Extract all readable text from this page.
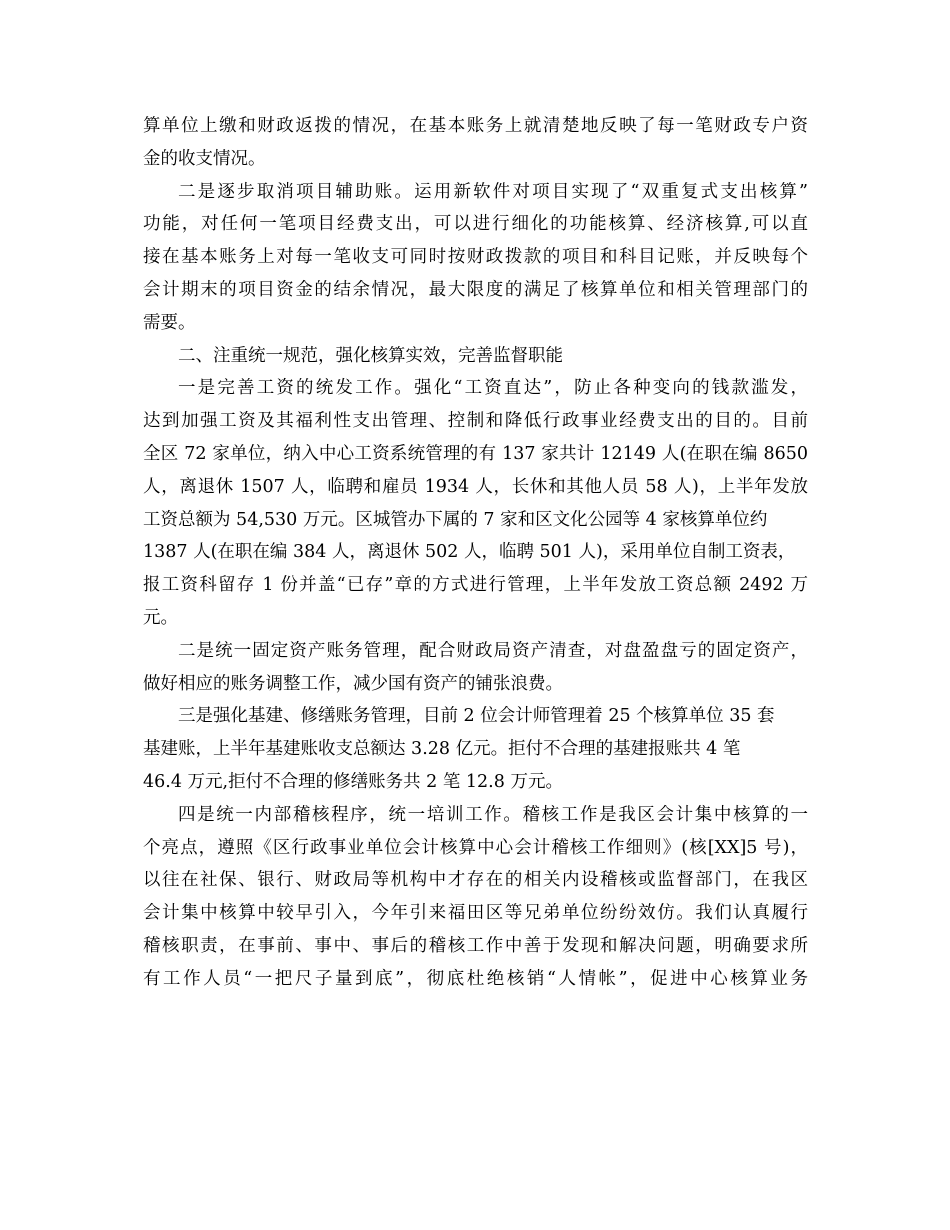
算单位上缴和财政返拨的情况，在基本账务上就清楚地反映了每一笔财政专户资
金的收支情况。
二是逐步取消项目辅助账。运用新软件对项目实现了“双重复式支出核算”
功能，对任何一笔项目经费支出，可以进行细化的功能核算、经济核算,可以直
接在基本账务上对每一笔收支可同时按财政拨款的项目和科目记账，并反映每个
会计期末的项目资金的结余情况，最大限度的满足了核算单位和相关管理部门的
需要。
二、注重统一规范，强化核算实效，完善监督职能
一是完善工资的统发工作。强化“工资直达”，防止各种变向的钱款滥发，
达到加强工资及其福利性支出管理、控制和降低行政事业经费支出的目的。目前
全区 72 家单位，纳入中心工资系统管理的有 137 家共计 12149 人(在职在编 8650
人，离退休 1507 人，临聘和雇员 1934 人，长休和其他人员 58 人)，上半年发放
工资总额为 54,530 万元。区城管办下属的 7 家和区文化公园等 4 家核算单位约
1387 人(在职在编 384 人，离退休 502 人，临聘 501 人)，采用单位自制工资表，
报工资科留存 1 份并盖“已存”章的方式进行管理，上半年发放工资总额 2492 万
元。
二是统一固定资产账务管理，配合财政局资产清查，对盘盈盘亏的固定资产，
做好相应的账务调整工作，减少国有资产的铺张浪费。
三是强化基建、修缮账务管理，目前 2 位会计师管理着 25 个核算单位 35 套
基建账，上半年基建账收支总额达 3.28 亿元。拒付不合理的基建报账共 4 笔
46.4 万元,拒付不合理的修缮账务共 2 笔 12.8 万元。
四是统一内部稽核程序，统一培训工作。稽核工作是我区会计集中核算的一
个亮点，遵照《区行政事业单位会计核算中心会计稽核工作细则》(核[XX]5 号)，
以往在社保、银行、财政局等机构中才存在的相关内设稽核或监督部门，在我区
会计集中核算中较早引入，今年引来福田区等兄弟单位纷纷效仿。我们认真履行
稽核职责，在事前、事中、事后的稽核工作中善于发现和解决问题，明确要求所
有工作人员“一把尺子量到底”，彻底杜绝核销“人情帐”，促进中心核算业务
